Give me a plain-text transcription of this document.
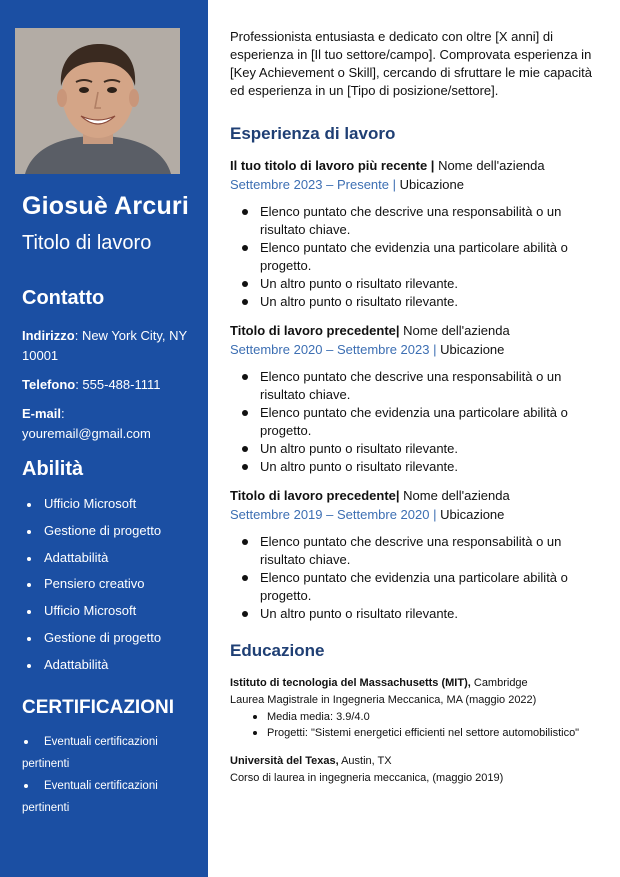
Giosuè Arcuri
Titolo di lavoro
Contatto

Indirizzo: New York City, NY 10001

Telefono: 555-488-1111

E-mail: youremail@gmail.com

Abilità
Ufficio Microsoft
Gestione di progetto
Adattabilità
Pensiero creativo
Ufficio Microsoft
Gestione di progetto
Adattabilità
CERTIFICAZIONI

Eventuali certificazioni pertinenti

Eventuali certificazioni pertinenti

Professionista entusiasta e dedicato con oltre [X anni] di esperienza in [Il tuo settore/campo]. Comprovata esperienza in [Key Achievement o Skill], cercando di sfruttare le mie capacità ed esperienza in un [Tipo di posizione/settore].

Esperienza di lavoro

Il tuo titolo di lavoro più recente | Nome dell'azienda

Settembre 2023 – Presente | Ubicazione

Elenco puntato che descrive una responsabilità o un risultato chiave.
Elenco puntato che evidenzia una particolare abilità o progetto.
Un altro punto o risultato rilevante.
Un altro punto o risultato rilevante.

Titolo di lavoro precedente| Nome dell'azienda

Settembre 2020 – Settembre 2023 | Ubicazione

Elenco puntato che descrive una responsabilità o un risultato chiave.
Elenco puntato che evidenzia una particolare abilità o progetto.
Un altro punto o risultato rilevante.
Un altro punto o risultato rilevante.

Titolo di lavoro precedente| Nome dell'azienda

Settembre 2019 – Settembre 2020 | Ubicazione

Elenco puntato che descrive una responsabilità o un risultato chiave.
Elenco puntato che evidenzia una particolare abilità o progetto.
Un altro punto o risultato rilevante.
Educazione

Istituto di tecnologia del Massachusetts (MIT), Cambridge

Laurea Magistrale in Ingegneria Meccanica, MA (maggio 2022)

Media media: 3.9/4.0
Progetti: "Sistemi energetici efficienti nel settore automobilistico"

Università del Texas, Austin, TX

Corso di laurea in ingegneria meccanica, (maggio 2019)
